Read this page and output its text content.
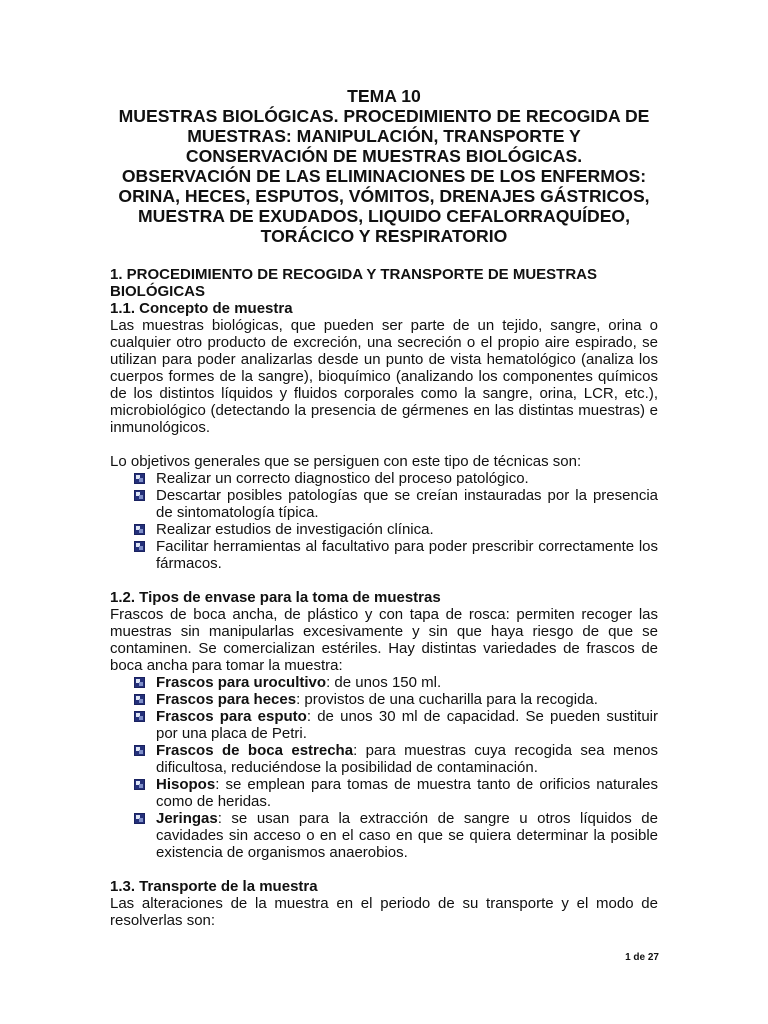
TEMA 10
MUESTRAS BIOLÓGICAS. PROCEDIMIENTO DE RECOGIDA DE
MUESTRAS: MANIPULACIÓN, TRANSPORTE Y
CONSERVACIÓN DE MUESTRAS BIOLÓGICAS.
OBSERVACIÓN DE LAS ELIMINACIONES DE LOS ENFERMOS:
ORINA, HECES, ESPUTOS, VÓMITOS, DRENAJES GÁSTRICOS,
MUESTRA DE EXUDADOS, LIQUIDO CEFALORRAQUÍDEO,
TORÁCICO Y RESPIRATORIO
1. PROCEDIMIENTO DE RECOGIDA Y TRANSPORTE DE MUESTRAS BIOLÓGICAS
1.1. Concepto de muestra

Las muestras biológicas, que pueden ser parte de un tejido, sangre, orina o cualquier otro producto de excreción, una secreción o el propio aire espirado, se utilizan para poder analizarlas desde un punto de vista hematológico (analiza los cuerpos formes de la sangre), bioquímico (analizando los componentes químicos de los distintos líquidos y fluidos corporales como la sangre, orina, LCR, etc.), microbiológico (detectando la presencia de gérmenes en las distintas muestras) e inmunológicos.

Lo objetivos generales que se persiguen con este tipo de técnicas son:

Realizar un correcto diagnostico del proceso patológico.
Descartar posibles patologías que se creían instauradas por la presencia de sintomatología típica.
Realizar estudios de investigación clínica.
Facilitar herramientas al facultativo para poder prescribir correctamente los fármacos.
1.2. Tipos de envase para la toma de muestras

Frascos de boca ancha, de plástico y con tapa de rosca: permiten recoger las muestras sin manipularlas excesivamente y sin que haya riesgo de que se contaminen. Se comercializan estériles. Hay distintas variedades de frascos de boca ancha para tomar la muestra:

Frascos para urocultivo: de unos 150 ml.
Frascos para heces: provistos de una cucharilla para la recogida.
Frascos para esputo: de unos 30 ml de capacidad. Se pueden sustituir por una placa de Petri.
Frascos de boca estrecha: para muestras cuya recogida sea menos dificultosa, reduciéndose la posibilidad de contaminación.
Hisopos: se emplean para tomas de muestra tanto de orificios naturales como de heridas.
Jeringas: se usan para la extracción de sangre u otros líquidos de cavidades sin acceso o en el caso en que se quiera determinar la posible existencia de organismos anaerobios.
1.3. Transporte de la muestra

Las alteraciones de la muestra en el periodo de su transporte y el modo de resolverlas son:

1 de 27
